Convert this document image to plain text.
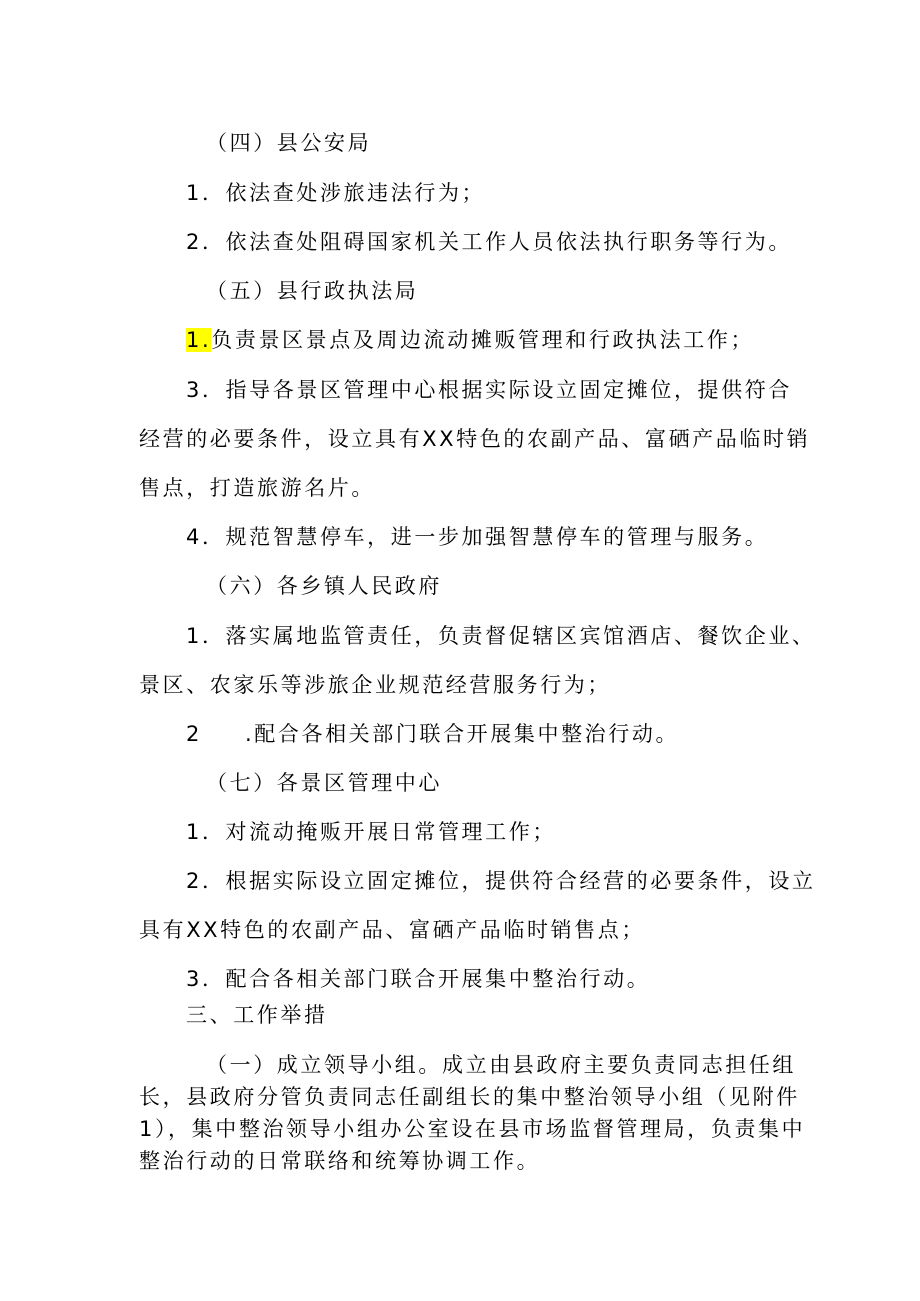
（四）县公安局
1．依法查处涉旅违法行为；
2．依法查处阻碍国家机关工作人员依法执行职务等行为。
（五）县行政执法局
1.负责景区景点及周边流动摊贩管理和行政执法工作；
3．指导各景区管理中心根据实际设立固定摊位，提供符合
经营的必要条件，设立具有XX特色的农副产品、富硒产品临时销
售点，打造旅游名片。
4．规范智慧停车，进一步加强智慧停车的管理与服务。
（六）各乡镇人民政府
1．落实属地监管责任，负责督促辖区宾馆酒店、餐饮企业、
景区、农家乐等涉旅企业规范经营服务行为；
2 .配合各相关部门联合开展集中整治行动。
（七）各景区管理中心
1．对流动掩贩开展日常管理工作；
2．根据实际设立固定摊位，提供符合经营的必要条件，设立
具有XX特色的农副产品、富硒产品临时销售点；
3．配合各相关部门联合开展集中整治行动。
三、工作举措
（一）成立领导小组。成立由县政府主要负责同志担任组
长，县政府分管负责同志任副组长的集中整治领导小组（见附件
1），集中整治领导小组办公室设在县市场监督管理局，负责集中
整治行动的日常联络和统筹协调工作。
